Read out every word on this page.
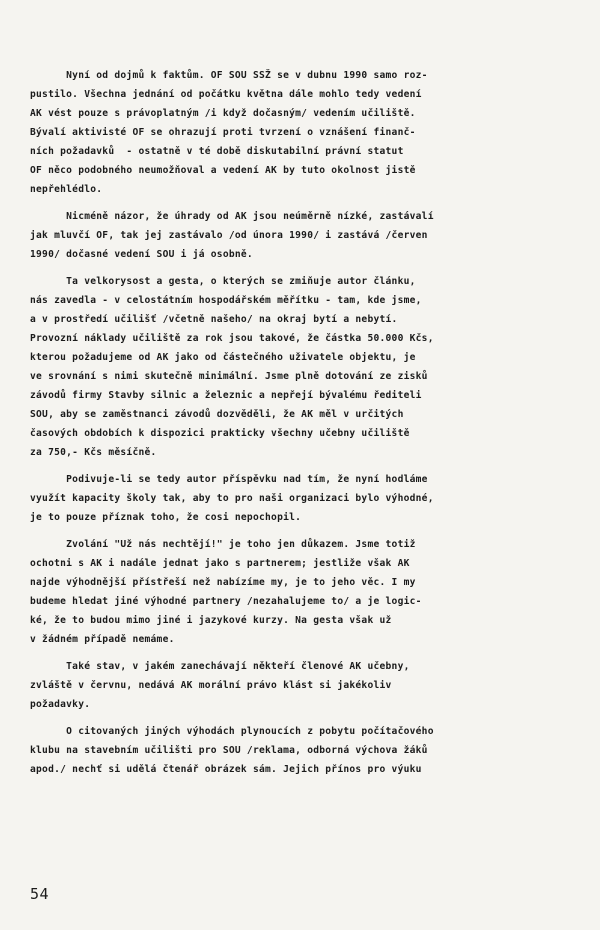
Nyní od dojmů k faktům. OF SOU SSŽ se v dubnu 1990 samo roz-
pustilo. Všechna jednání od počátku května dále mohlo tedy vedení
AK vést pouze s právoplatným /i když dočasným/ vedením učiliště.
Bývalí aktivisté OF se ohrazují proti tvrzení o vznášení finanč-
ních požadavků  - ostatně v té době diskutabilní právní statut
OF něco podobného neumožňoval a vedení AK by tuto okolnost jistě
nepřehlédlo.
Nicméně názor, že úhrady od AK jsou neúměrně nízké, zastávalí
jak mluvčí OF, tak jej zastávalo /od února 1990/ i zastává /červen
1990/ dočasné vedení SOU i já osobně.
Ta velkorysost a gesta, o kterých se zmiňuje autor článku,
nás zavedla - v celostátním hospodářském měřítku - tam, kde jsme,
a v prostředí učilišť /včetně našeho/ na okraj bytí a nebytí.
Provozní náklady učiliště za rok jsou takové, že částka 50.000 Kčs,
kterou požadujeme od AK jako od částečného uživatele objektu, je
ve srovnání s nimi skutečně minimální. Jsme plně dotování ze zisků
závodů firmy Stavby silnic a železnic a nepřejí bývalému řediteli
SOU, aby se zaměstnanci závodů dozvěděli, že AK měl v určitých
časových obdobích k dispozici prakticky všechny učebny učiliště
za 750,- Kčs měsíčně.
Podivuje-li se tedy autor příspěvku nad tím, že nyní hodláme
využít kapacity školy tak, aby to pro naši organizaci bylo výhodné,
je to pouze příznak toho, že cosi nepochopil.
Zvolání "Už nás nechtějí!" je toho jen důkazem. Jsme totiž
ochotni s AK i nadále jednat jako s partnerem; jestliže však AK
najde výhodnější přístřeší než nabízíme my, je to jeho věc. I my
budeme hledat jiné výhodné partnery /nezahalujeme to/ a je logic-
ké, že to budou mimo jiné i jazykové kurzy. Na gesta však už
v žádném případě nemáme.
Také stav, v jakém zanechávají někteří členové AK učebny,
zvláště v červnu, nedává AK morální právo klást si jakékoliv
požadavky.
O citovaných jiných výhodách plynoucích z pobytu počítačového
klubu na stavebním učilišti pro SOU /reklama, odborná výchova žáků
apod./ nechť si udělá čtenář obrázek sám. Jejich přínos pro výuku
54
